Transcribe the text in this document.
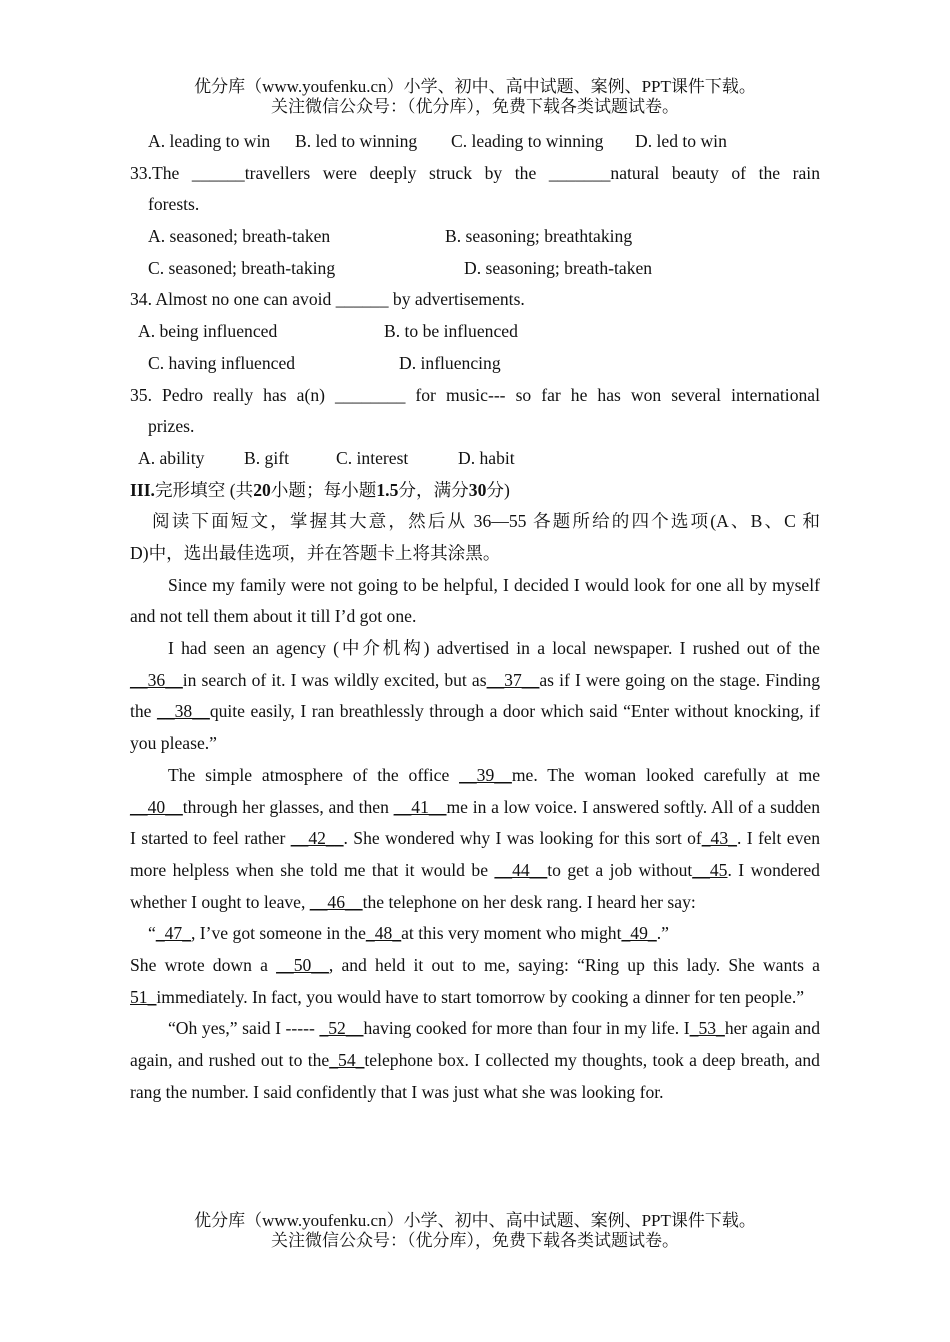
优分库（www.youfenku.cn）小学、初中、高中试题、案例、PPT课件下载。
关注微信公众号：（优分库），免费下载各类试题试卷。
A. leading to win B. led to winning C. leading to winning D. led to win
33.The ______travellers were deeply struck by the _______natural beauty of the rain
forests.
A. seasoned; breath-taken	B. seasoning; breathtaking
C. seasoned; breath-taking	D. seasoning; breath-taken
34. Almost no one can avoid ______ by advertisements.
A. being influenced	B. to be influenced
C. having influenced	D. influencing
35. Pedro really has a(n) ________ for music--- so far he has won several international
prizes.
A. ability B. gift	C. interest	D. habit
III.完形填空 (共20小题；每小题1.5分，满分30分)
阅读下面短文，掌握其大意，然后从 36—55 各题所给的四个选项(A、B、C 和
D)中，选出最佳选项，并在答题卡上将其涂黑。
Since my family were not going to be helpful, I decided I would look for one all by myself and not tell them about it till I’d got one.
I had seen an agency (中介机构) advertised in a local newspaper. I rushed out of the __36__in search of it. I was wildly excited, but as__37__as if I were going on the stage. Finding the __38__quite easily, I ran breathlessly through a door which said “Enter without knocking, if you please.”
The simple atmosphere of the office __39__me. The woman looked carefully at me __40__through her glasses, and then __41__me in a low voice. I answered softly. All of a sudden I started to feel rather __42__. She wondered why I was looking for this sort of_43_. I felt even more helpless when she told me that it would be __44__to get a job without__45. I wondered whether I ought to leave, __46__the telephone on her desk rang. I heard her say:
“_47_, I’ve got someone in the_48_at this very moment who might_49_.”
She wrote down a __50__, and held it out to me, saying: “Ring up this lady. She wants a 51_immediately. In fact, you would have to start tomorrow by cooking a dinner for ten people.”
“Oh yes,” said I ----- _52__having cooked for more than four in my life. I_53_her again and again, and rushed out to the_54_telephone box. I collected my thoughts, took a deep breath, and rang the number. I said confidently that I was just what she was looking for.
优分库（www.youfenku.cn）小学、初中、高中试题、案例、PPT课件下载。
关注微信公众号：（优分库），免费下载各类试题试卷。
